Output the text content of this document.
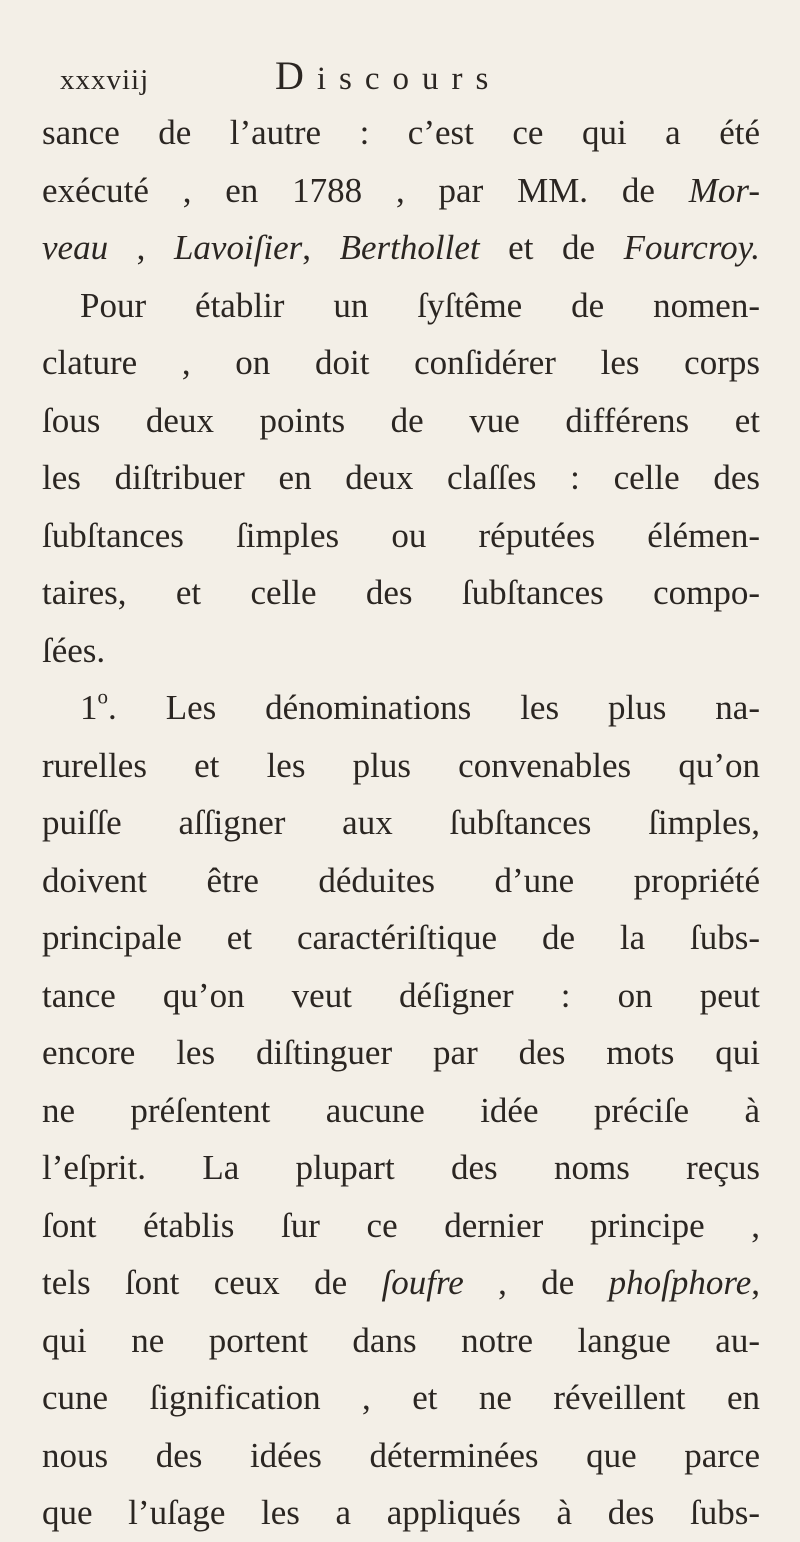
xxxviij	Discours
sance de l’autre : c’est ce qui a été
exécuté , en 1788 , par MM. de Mor-
veau , Lavoiſier, Berthollet et de Fourcroy.
Pour établir un ſyſtême de nomen-
clature , on doit conſidérer les corps
ſous deux points de vue différens et
les diſtribuer en deux claſſes : celle des
ſubſtances ſimples ou réputées élémen-
taires, et celle des ſubſtances compo-
ſées.
1$^o$. Les dénominations les plus na-
rurelles et les plus convenables qu’on
puiſſe aſſigner aux ſubſtances ſimples,
doivent être déduites d’une propriété
principale et caractériſtique de la ſubs-
tance qu’on veut déſigner : on peut
encore les diſtinguer par des mots qui
ne préſentent aucune idée préciſe à
l’eſprit. La plupart des noms reçus
ſont établis ſur ce dernier principe ,
tels ſont ceux de ſoufre , de phoſphore,
qui ne portent dans notre langue au-
cune ſignification , et ne réveillent en
nous des idées déterminées que parce
que l’uſage les a appliqués à des ſubs-
